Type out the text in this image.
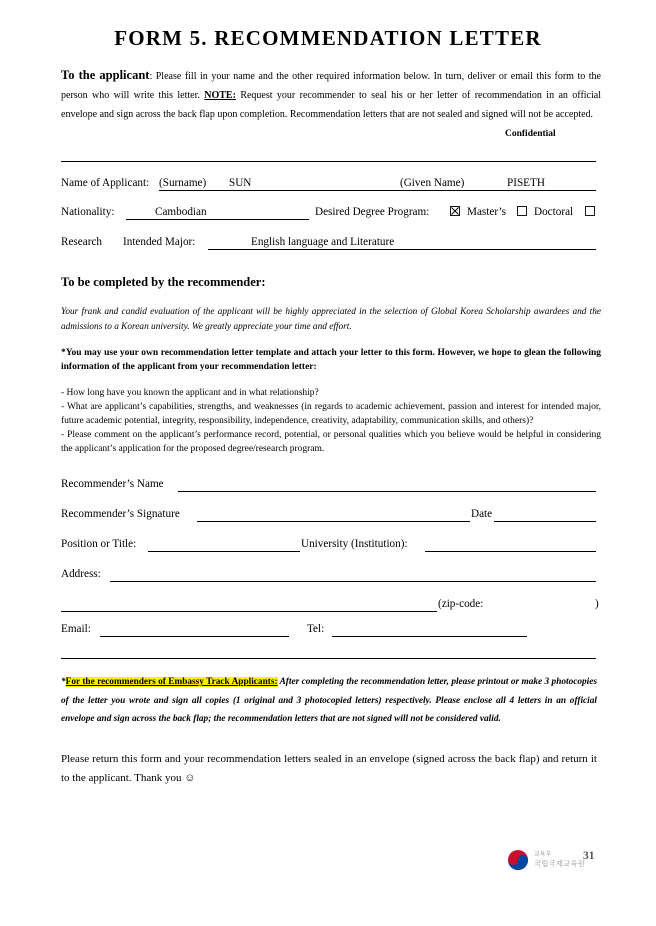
FORM 5. RECOMMENDATION LETTER
To the applicant: Please fill in your name and the other required information below. In turn, deliver or email this form to the person who will write this letter. NOTE: Request your recommender to seal his or her letter of recommendation in an official envelope and sign across the back flap upon completion. Recommendation letters that are not sealed and signed will not be accepted.
Confidential
Name of Applicant: (Surname) SUN	(Given Name)	PISETH
Nationality:	Cambodian	Desired Degree Program:	Master’s	Doctoral
Research Intended Major:	English language and Literature
To be completed by the recommender:
Your frank and candid evaluation of the applicant will be highly appreciated in the selection of Global Korea Scholarship awardees and the admissions to a Korean university. We greatly appreciate your time and effort.
*You may use your own recommendation letter template and attach your letter to this form. However, we hope to glean the following information of the applicant from your recommendation letter:
- How long have you known the applicant and in what relationship?
- What are applicant’s capabilities, strengths, and weaknesses (in regards to academic achievement, passion and interest for intended major, future academic potential, integrity, responsibility, independence, creativity, adaptability, communication skills, and others)?
- Please comment on the applicant’s performance record, potential, or personal qualities which you believe would be helpful in considering the applicant’s application for the proposed degree/research program.
Recommender’s Name
Recommender’s Signature	Date
Position or Title:	University (Institution):
Address:
(zip-code:	)
Email:	Tel:
*For the recommenders of Embassy Track Applicants: After completing the recommendation letter, please printout or make 3 photocopies of the letter you wrote and sign all copies (1 original and 3 photocopied letters) respectively. Please enclose all 4 letters in an official envelope and sign across the back flap; the recommendation letters that are not signed will not be considered valid.
Please return this form and your recommendation letters sealed in an envelope (signed across the back flap) and return it to the applicant. Thank you ☺
교육부
국립국제교육원
31
